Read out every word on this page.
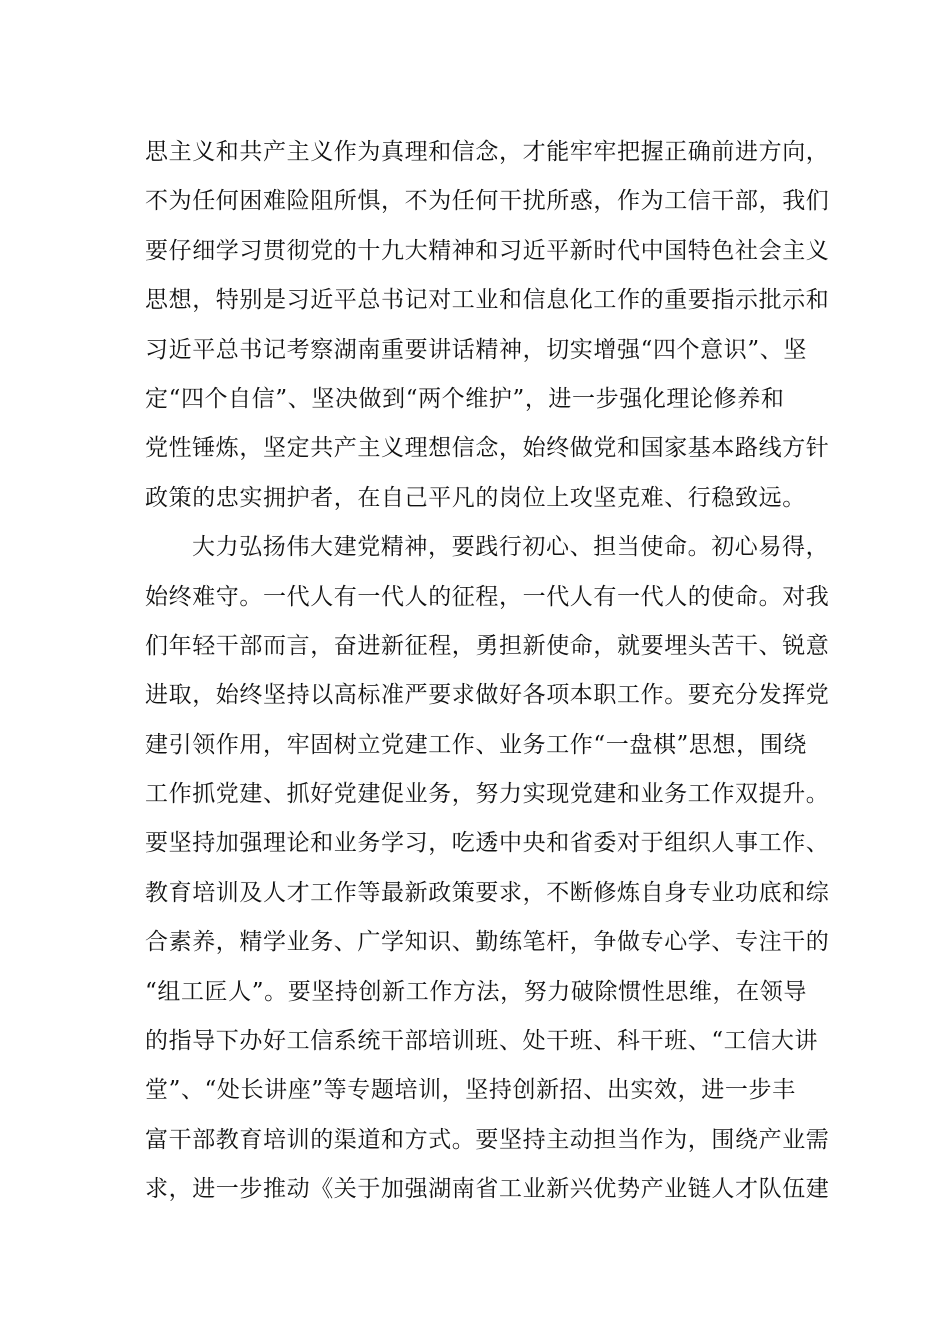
思主义和共产主义作为真理和信念，才能牢牢把握正确前进方向，
不为任何困难险阻所惧，不为任何干扰所惑，作为工信干部，我们
要仔细学习贯彻党的十九大精神和习近平新时代中国特色社会主义
思想，特别是习近平总书记对工业和信息化工作的重要指示批示和
习近平总书记考察湖南重要讲话精神，切实增强“四个意识”、坚
定“四个自信”、坚决做到“两个维护”，进一步强化理论修养和
党性锤炼，坚定共产主义理想信念，始终做党和国家基本路线方针
政策的忠实拥护者，在自己平凡的岗位上攻坚克难、行稳致远。
大力弘扬伟大建党精神，要践行初心、担当使命。初心易得，
始终难守。一代人有一代人的征程，一代人有一代人的使命。对我
们年轻干部而言，奋进新征程，勇担新使命，就要埋头苦干、锐意
进取，始终坚持以高标准严要求做好各项本职工作。要充分发挥党
建引领作用，牢固树立党建工作、业务工作“一盘棋”思想，围绕
工作抓党建、抓好党建促业务，努力实现党建和业务工作双提升。
要坚持加强理论和业务学习，吃透中央和省委对于组织人事工作、
教育培训及人才工作等最新政策要求，不断修炼自身专业功底和综
合素养，精学业务、广学知识、勤练笔杆，争做专心学、专注干的
“组工匠人”。要坚持创新工作方法，努力破除惯性思维，在领导
的指导下办好工信系统干部培训班、处干班、科干班、“工信大讲
堂”、“处长讲座”等专题培训，坚持创新招、出实效，进一步丰
富干部教育培训的渠道和方式。要坚持主动担当作为，围绕产业需
求，进一步推动《关于加强湖南省工业新兴优势产业链人才队伍建
